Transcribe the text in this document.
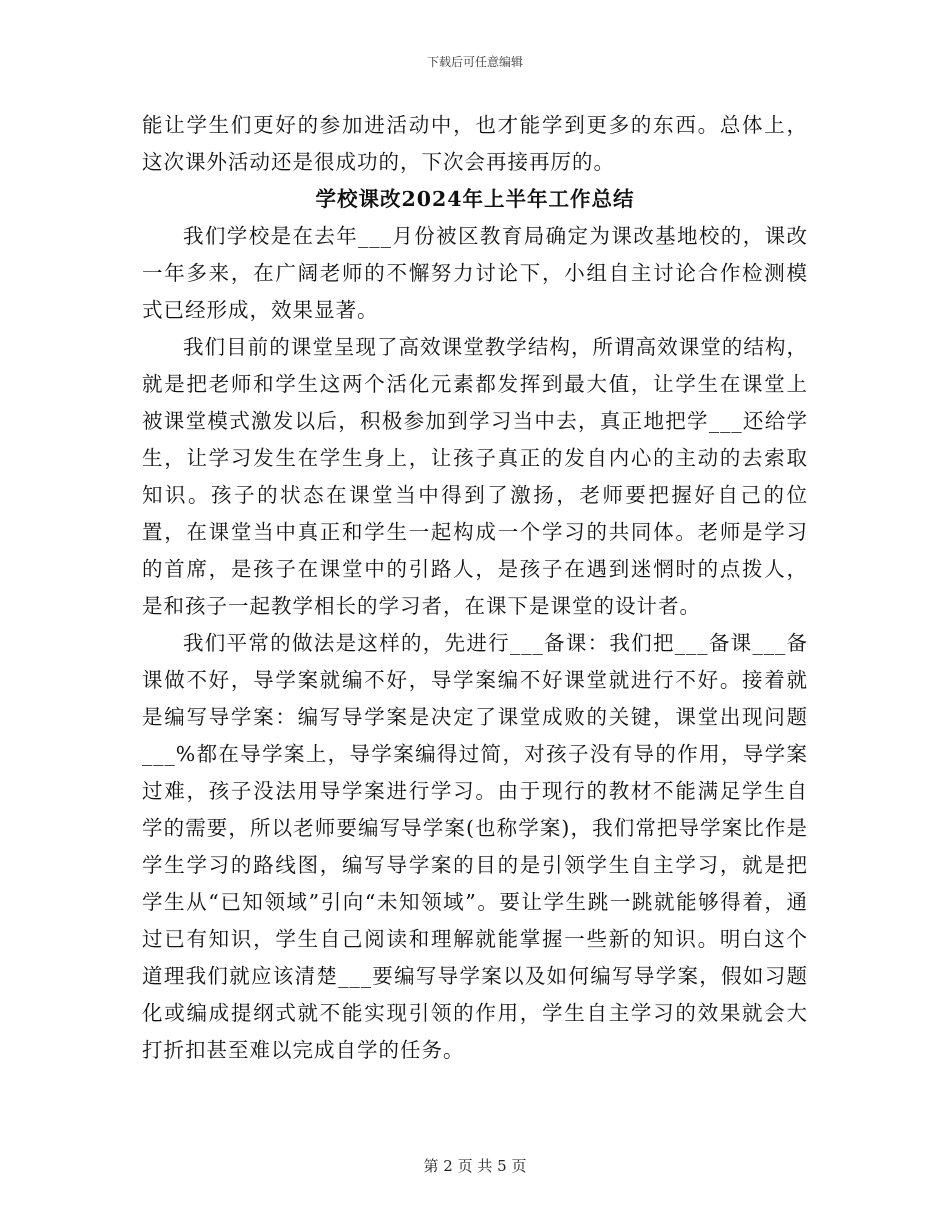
下载后可任意编辑

能让学生们更好的参加进活动中，也才能学到更多的东西。总体上，这次课外活动还是很成功的，下次会再接再厉的。

学校课改2024年上半年工作总结

我们学校是在去年___月份被区教育局确定为课改基地校的，课改一年多来，在广阔老师的不懈努力讨论下，小组自主讨论合作检测模式已经形成，效果显著。

我们目前的课堂呈现了高效课堂教学结构，所谓高效课堂的结构，就是把老师和学生这两个活化元素都发挥到最大值，让学生在课堂上被课堂模式激发以后，积极参加到学习当中去，真正地把学___还给学生，让学习发生在学生身上，让孩子真正的发自内心的主动的去索取知识。孩子的状态在课堂当中得到了激扬，老师要把握好自己的位置，在课堂当中真正和学生一起构成一个学习的共同体。老师是学习的首席，是孩子在课堂中的引路人，是孩子在遇到迷惘时的点拨人，是和孩子一起教学相长的学习者，在课下是课堂的设计者。

我们平常的做法是这样的，先进行___备课：我们把___备课___备课做不好，导学案就编不好，导学案编不好课堂就进行不好。接着就是编写导学案：编写导学案是决定了课堂成败的关键，课堂出现问题___%都在导学案上，导学案编得过简，对孩子没有导的作用，导学案过难，孩子没法用导学案进行学习。由于现行的教材不能满足学生自学的需要，所以老师要编写导学案(也称学案)，我们常把导学案比作是学生学习的路线图，编写导学案的目的是引领学生自主学习，就是把学生从“已知领域”引向“未知领域”。要让学生跳一跳就能够得着，通过已有知识，学生自己阅读和理解就能掌握一些新的知识。明白这个道理我们就应该清楚___要编写导学案以及如何编写导学案，假如习题化或编成提纲式就不能实现引领的作用，学生自主学习的效果就会大打折扣甚至难以完成自学的任务。

第 2 页 共 5 页
